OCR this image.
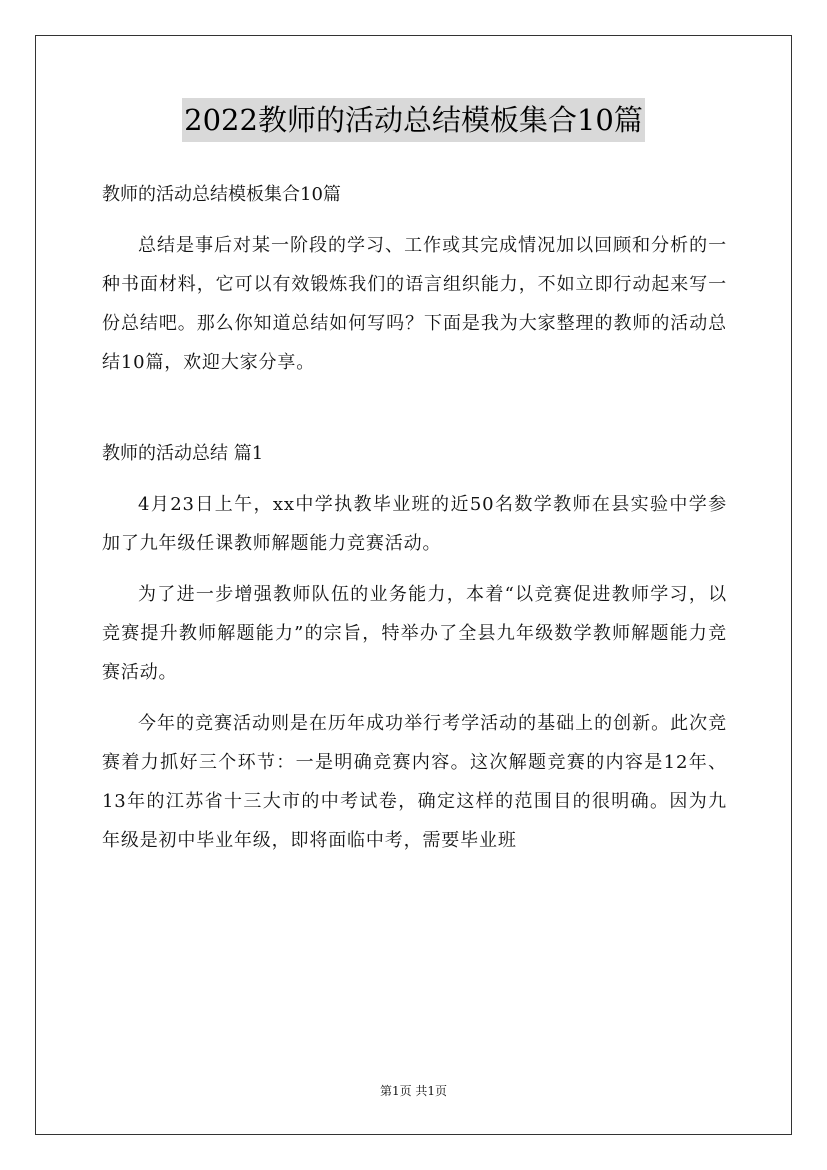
2022教师的活动总结模板集合10篇

教师的活动总结模板集合10篇

总结是事后对某一阶段的学习、工作或其完成情况加以回顾和分析的一种书面材料，它可以有效锻炼我们的语言组织能力，不如立即行动起来写一份总结吧。那么你知道总结如何写吗？下面是我为大家整理的教师的活动总结10篇，欢迎大家分享。

教师的活动总结 篇1

4月23日上午，xx中学执教毕业班的近50名数学教师在县实验中学参加了九年级任课教师解题能力竞赛活动。

为了进一步增强教师队伍的业务能力，本着“以竞赛促进教师学习，以竞赛提升教师解题能力”的宗旨，特举办了全县九年级数学教师解题能力竞赛活动。

今年的竞赛活动则是在历年成功举行考学活动的基础上的创新。此次竞赛着力抓好三个环节：一是明确竞赛内容。这次解题竞赛的内容是12年、13年的江苏省十三大市的中考试卷，确定这样的范围目的很明确。因为九年级是初中毕业年级，即将面临中考，需要毕业班

第1页 共1页
